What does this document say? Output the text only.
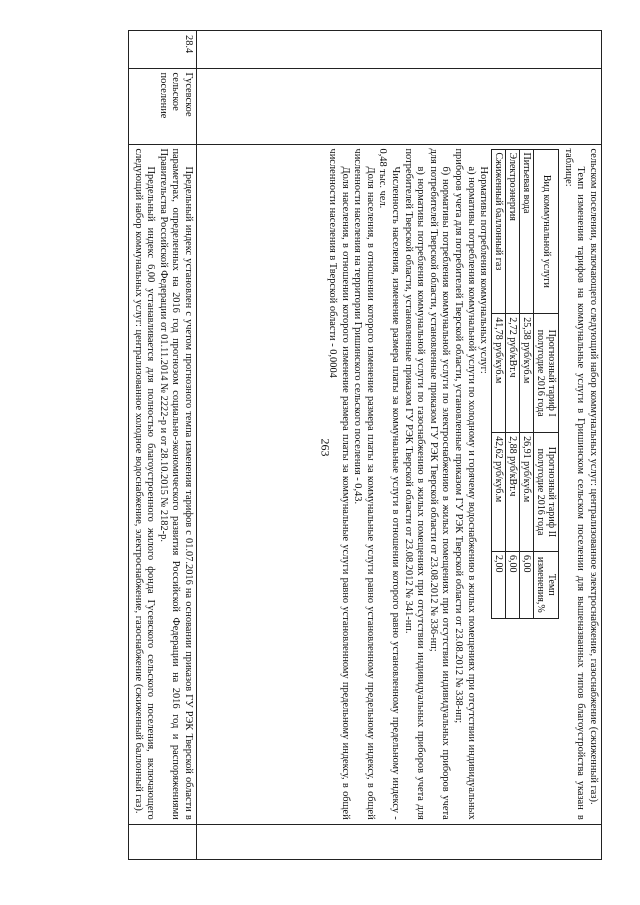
263
			сельском поселении, включающего следующий набор коммунальных услуг: централизованное электроснабжение, газоснабжение (сжиженный газ).

Темп изменения тарифов на коммунальные услуги в Гришинском сельском поселении для вышеназванных типов благоустройства указан в таблице:

Вид коммунальной услуги	Прогнозный тариф I полугодие 2016 года	Прогнозный тариф II полугодие 2016 года	Темп изменения,%
Питьевая вода	25,38 руб/куб.м	26,91 руб/куб.м	6,00
Электроэнергия	2,72 руб/кВт.ч	2,88 руб/кВт.ч	6,00
Сжиженный баллонный газ	41,78 руб/куб.м	42,62 руб/куб.м	2,00

Нормативы потребления коммунальных услуг:

а) нормативы потребления коммунальной услуги по холодному и горячему водоснабжению в жилых помещениях при отсутствии индивидуальных приборов учета для потребителей Тверской области, установленные приказом ГУ РЭК Тверской области от 23.08.2012 № 338-нп;

б) нормативы потребления коммунальной услуги по электроснабжению в жилых помещениях при отсутствии индивидуальных приборов учета для потребителей Тверской области, установленные приказом ГУ РЭК Тверской области от 23.08.2012 № 336-нп;

в) нормативы потребления коммунальной услуги по газоснабжению в жилых помещениях при отсутствии индивидуальных приборов учета для потребителей Тверской области, установленные приказом ГУ РЭК Тверской области от 23.08.2012 № 341-нп.

Численность населения, изменение размера платы за коммунальные услуги в отношении которого равно установленному предельному индексу - 0,48 тыс. чел.

Доля населения, в отношении которого изменение размера платы за коммунальные услуги равно установленному предельному индексу, в общей численности населения на территории Гришинского сельского поселения - 0,43.

Доля населения, в отношении которого изменение размера платы за коммунальные услуги равно установленному предельному индексу, в общей численности населения в Тверской области - 0,0004

28.4	Гусевское сельское поселение	

Предельный индекс установлен с учетом прогнозного темпа изменения тарифов с 01.07.2016 на основании приказов ГУ РЭК Тверской области в параметрах, определенных на 2016 год прогнозом социально-экономического развития Российской Федерации на 2016 год и распоряжениями Правительства Российской Федерации от 01.11.2014 № 2222-р и от 28.10.2015 № 2182-р.

Предельный индекс 6,00 устанавливается для полностью благоустроенного жилого фонда Гусевского сельского поселения, включающего следующий набор коммунальных услуг: централизованное холодное водоснабжение, электроснабжение, газоснабжение (сжиженный баллонный газ).
